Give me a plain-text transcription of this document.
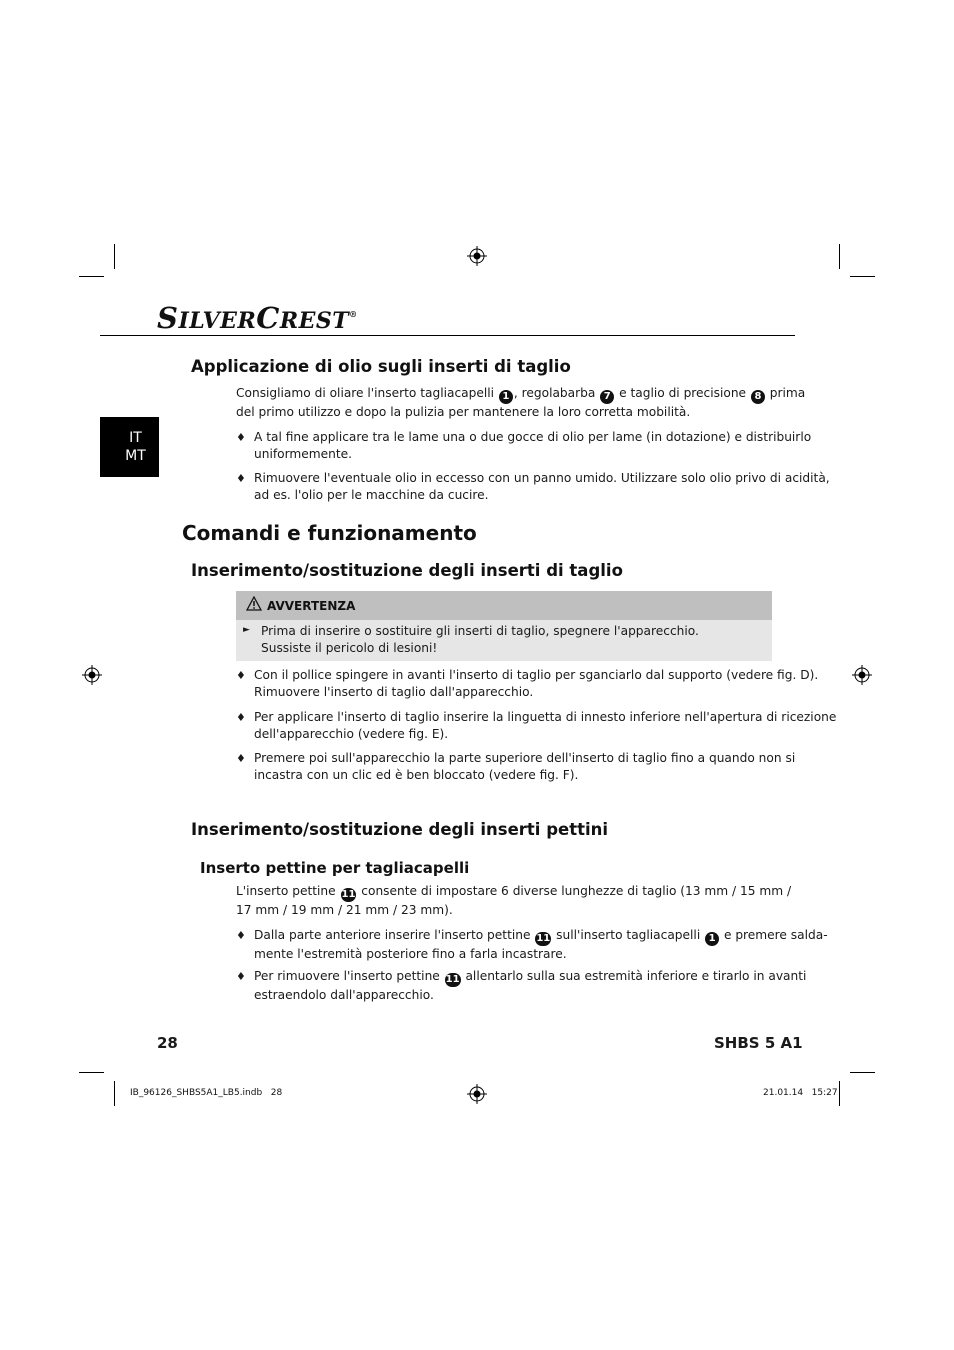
SILVERCREST®
IT
MT
Applicazione di olio sugli inserti di taglio
Consigliamo di oliare l'inserto tagliacapelli 1 , regolabarba 7 e taglio di precisione 8 prima
del primo utilizzo e dopo la pulizia per mantenere la loro corretta mobilità.
♦ A tal fine applicare tra le lame una o due gocce di olio per lame (in dotazione) e distribuirlo
uniformemente.
♦ Rimuovere l'eventuale olio in eccesso con un panno umido. Utilizzare solo olio privo di acidità,
ad es. l'olio per le macchine da cucire.
Comandi e funzionamento
Inserimento/sostituzione degli inserti di taglio
AVVERTENZA
► Prima di inserire o sostituire gli inserti di taglio, spegnere l'apparecchio.
Sussiste il pericolo di lesioni!
♦ Con il pollice spingere in avanti l'inserto di taglio per sganciarlo dal supporto (vedere fig. D).
Rimuovere l'inserto di taglio dall'apparecchio.
♦ Per applicare l'inserto di taglio inserire la linguetta di innesto inferiore nell'apertura di ricezione
dell'apparecchio (vedere fig. E).
♦ Premere poi sull'apparecchio la parte superiore dell'inserto di taglio fino a quando non si
incastra con un clic ed è ben bloccato (vedere fig. F).
Inserimento/sostituzione degli inserti pettini
Inserto pettine per tagliacapelli
L'inserto pettine 11 consente di impostare 6 diverse lunghezze di taglio (13 mm / 15 mm /
17 mm / 19 mm / 21 mm / 23 mm).
♦ Dalla parte anteriore inserire l'inserto pettine 11 sull'inserto tagliacapelli 1 e premere salda-
mente l'estremità posteriore fino a farla incastrare.
♦ Per rimuovere l'inserto pettine 11 allentarlo sulla sua estremità inferiore e tirarlo in avanti
estraendolo dall'apparecchio.
28	SHBS 5 A1
IB_96126_SHBS5A1_LB5.indb   28	21.01.14   15:27
